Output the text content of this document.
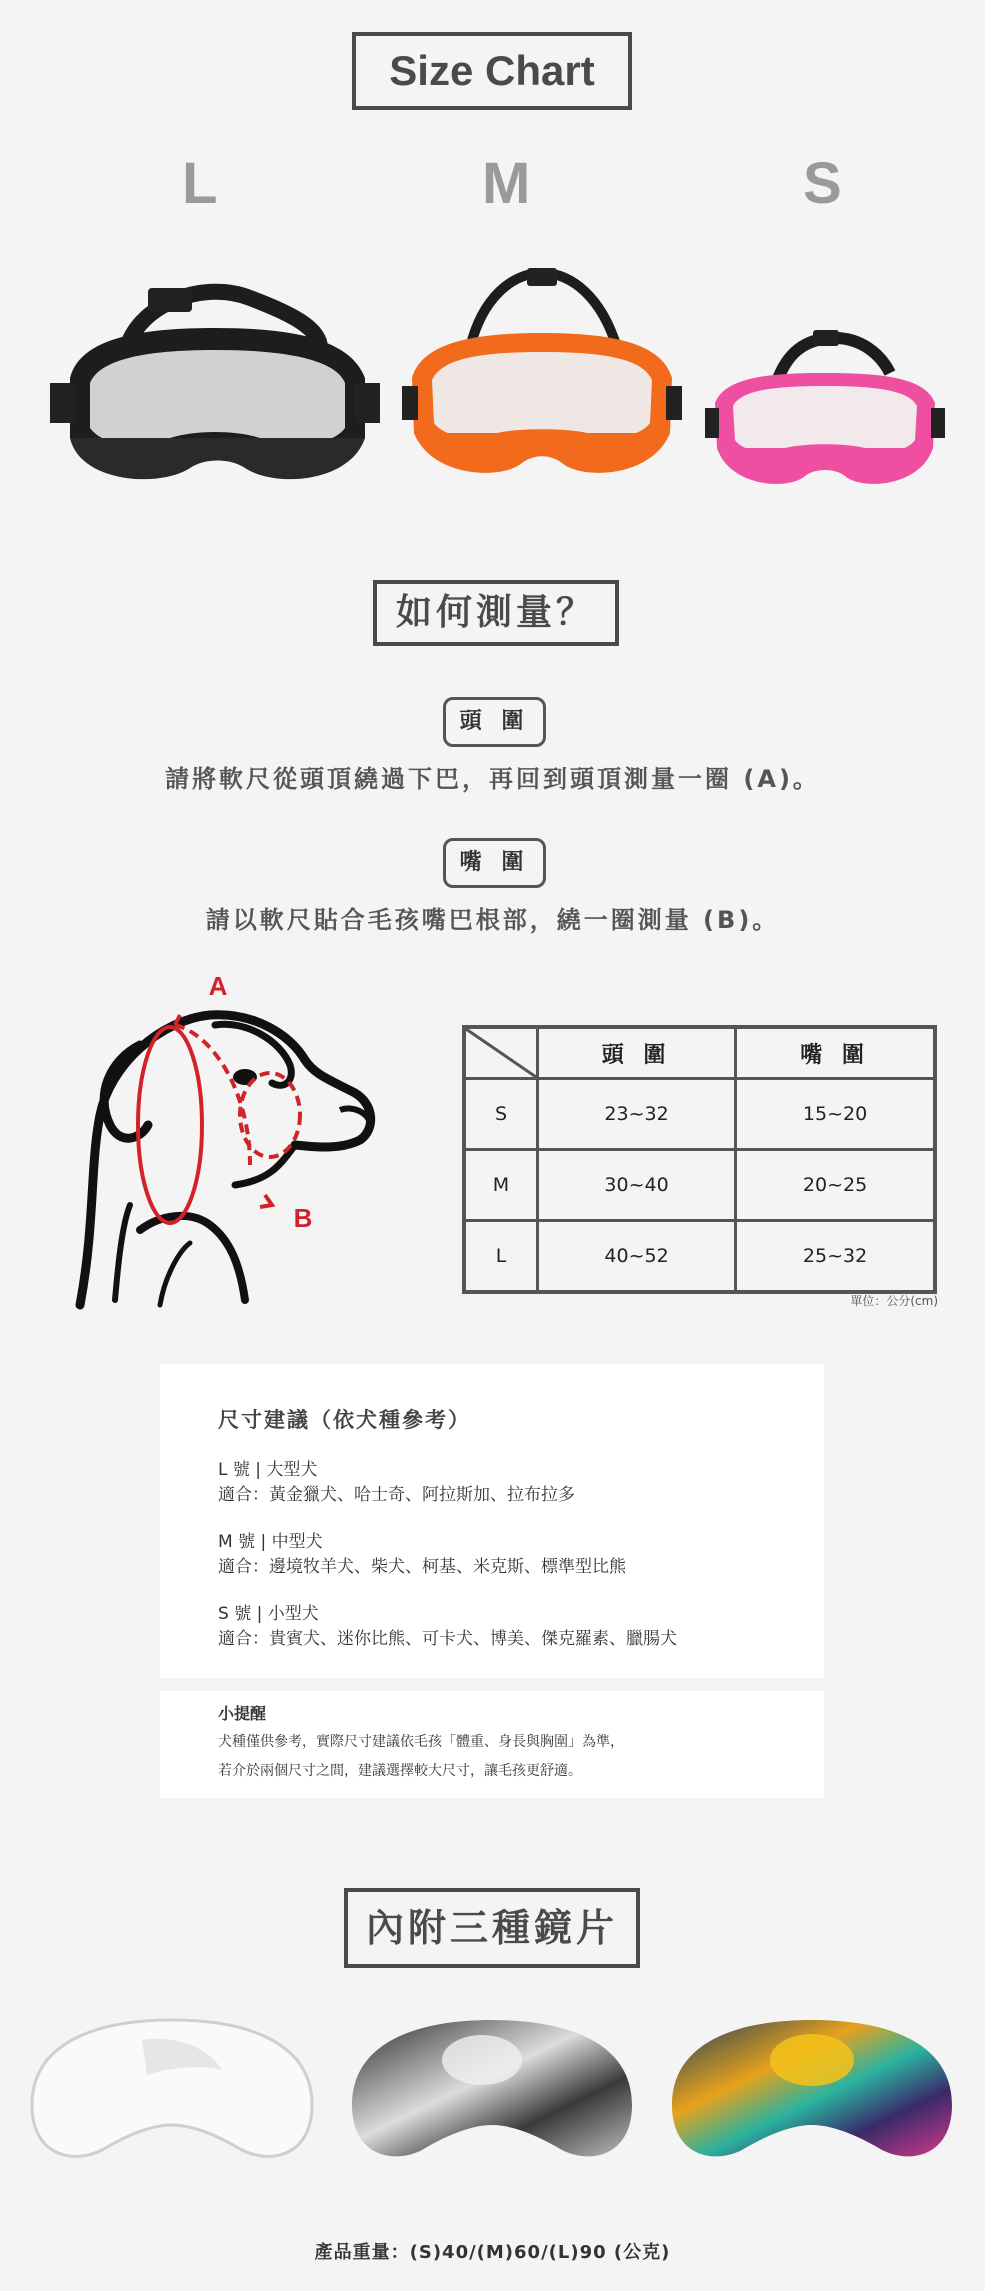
Size Chart
L	M	S
如何測量？
頭 圍
請將軟尺從頭頂繞過下巴，再回到頭頂測量一圈 (A)。
嘴 圍
請以軟尺貼合毛孩嘴巴根部，繞一圈測量 (B)。
A
B
	頭 圍	嘴 圍
S	23~32	15~20
M	30~40	20~25
L	40~52	25~32
單位：公分(cm)
尺寸建議（依犬種參考）
L 號 | 大型犬
適合：黃金獵犬、哈士奇、阿拉斯加、拉布拉多
M 號 | 中型犬
適合：邊境牧羊犬、柴犬、柯基、米克斯、標準型比熊
S 號 | 小型犬
適合：貴賓犬、迷你比熊、可卡犬、博美、傑克羅素、臘腸犬
小提醒
犬種僅供參考，實際尺寸建議依毛孩「體重、身長與胸圍」為準，
若介於兩個尺寸之間，建議選擇較大尺寸，讓毛孩更舒適。
內附三種鏡片
產品重量：(S)40/(M)60/(L)90 (公克)
